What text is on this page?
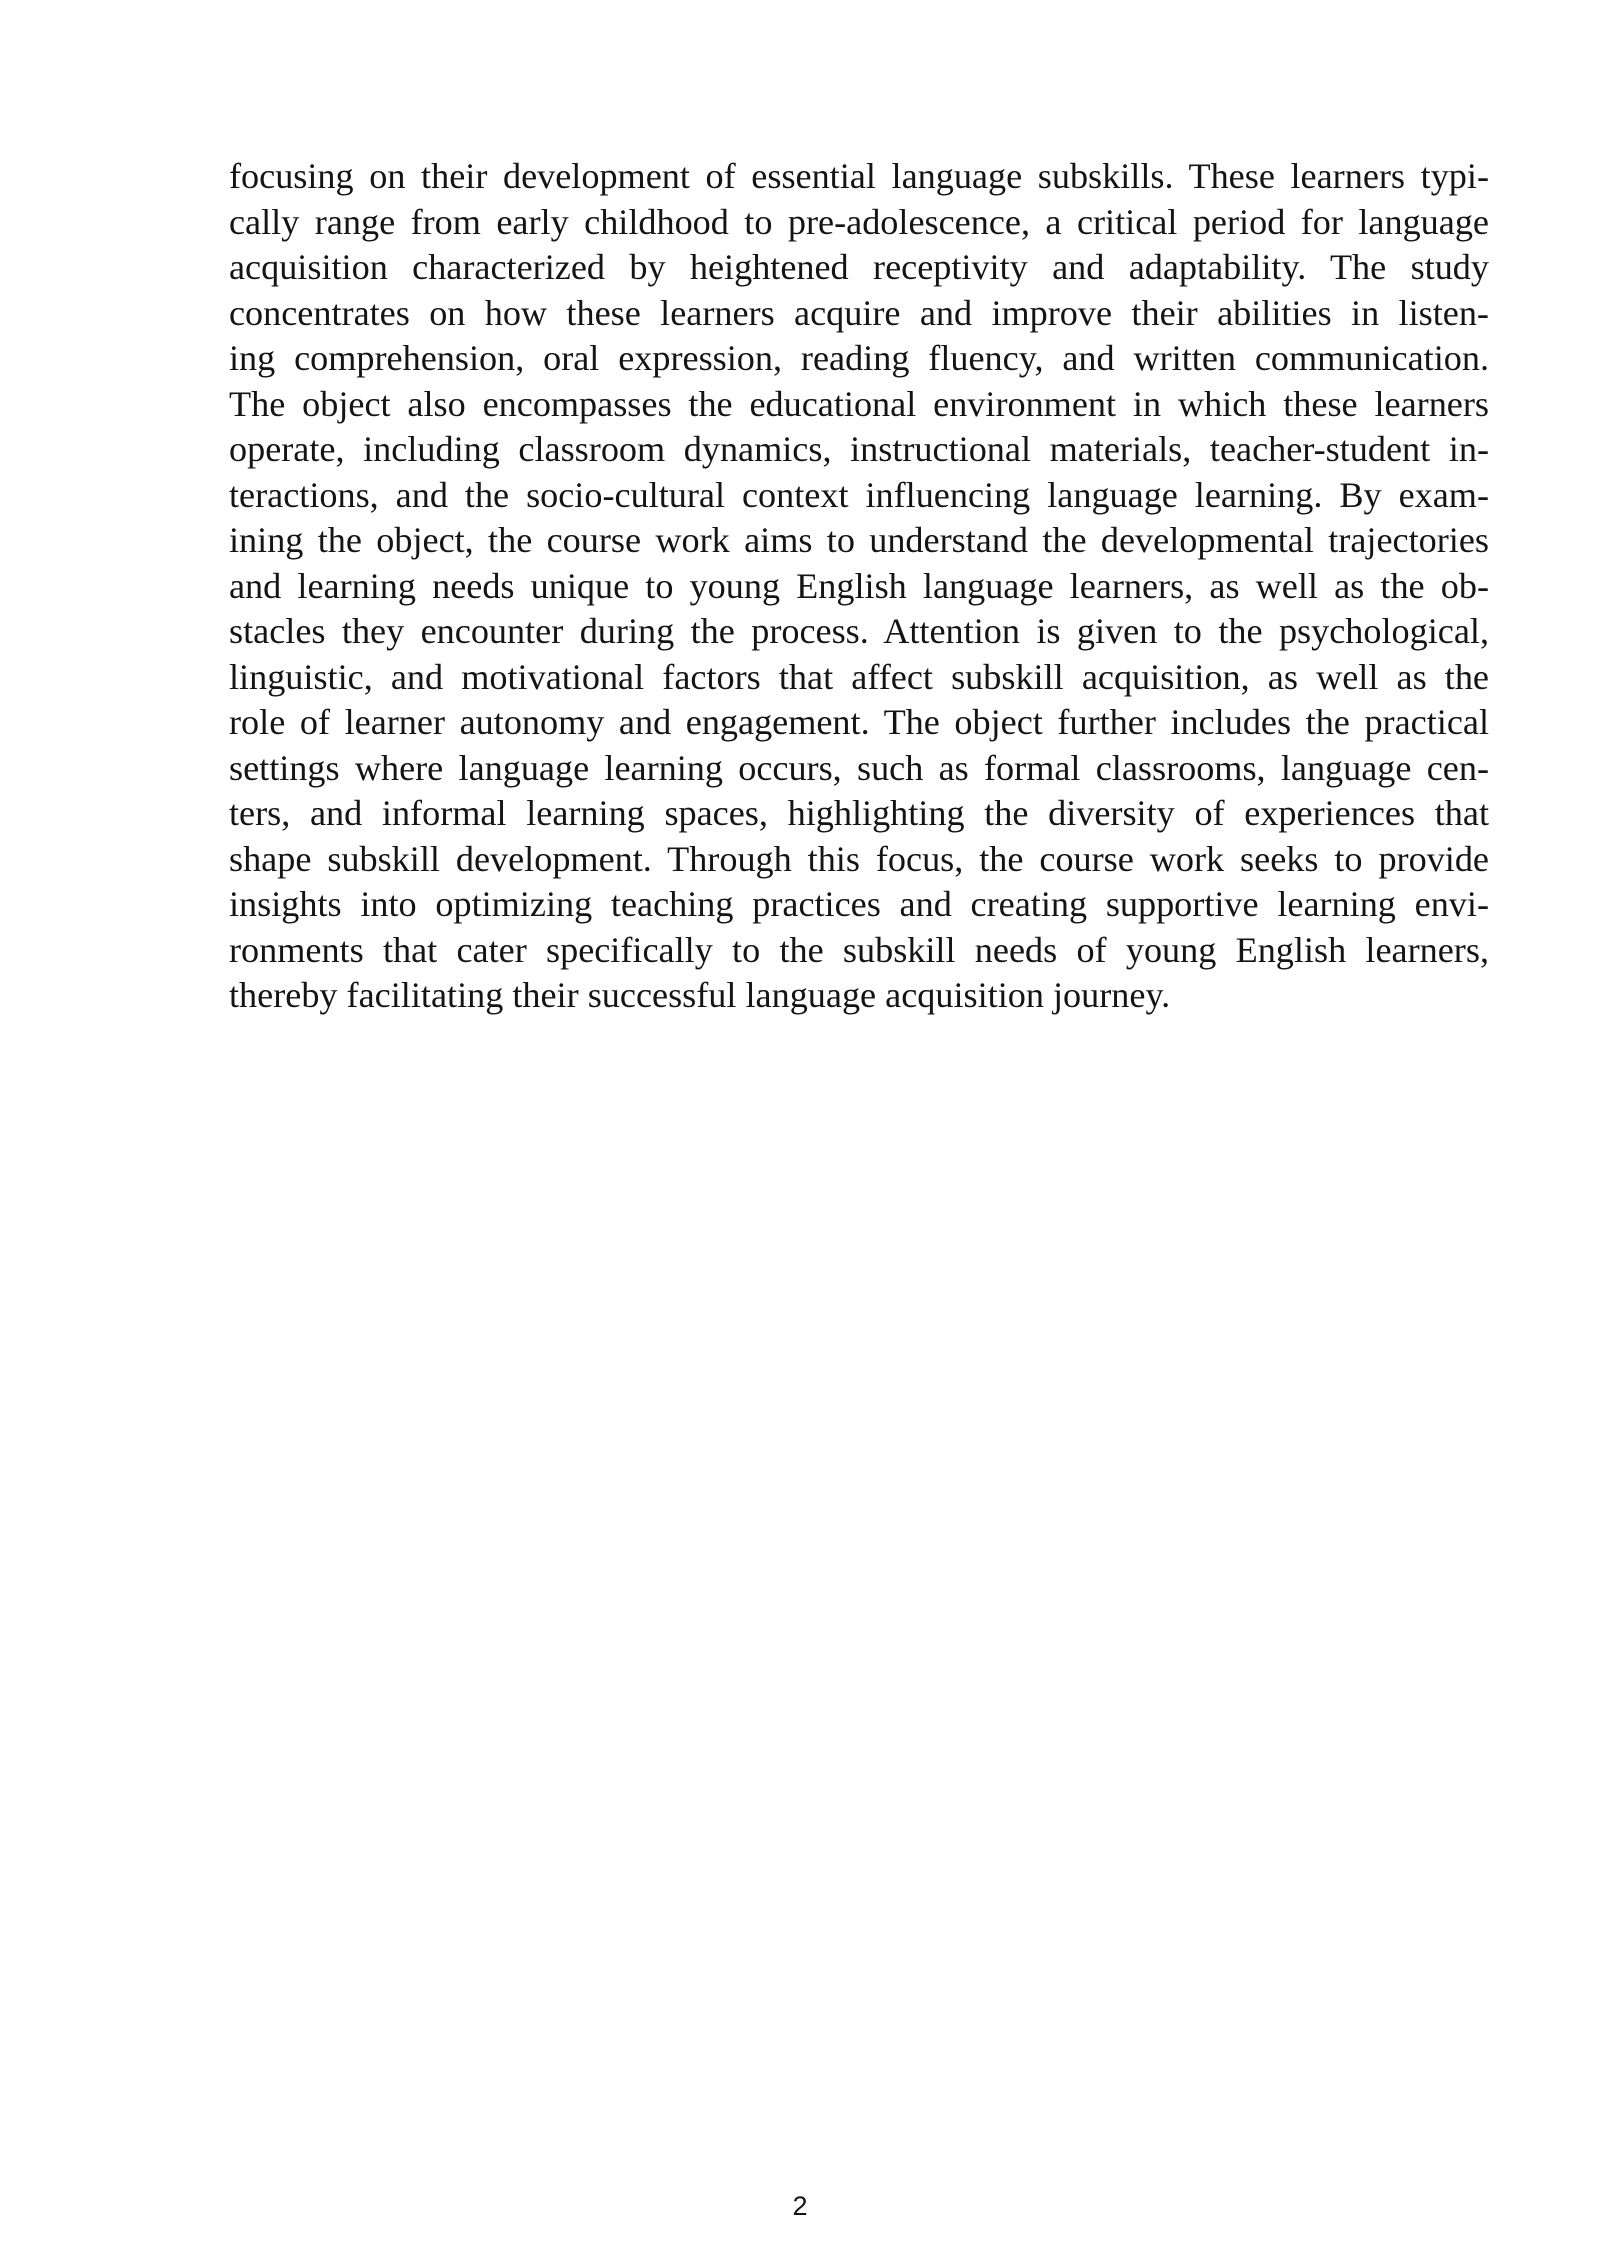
focusing on their development of essential language subskills. These learners typi-
cally range from early childhood to pre-adolescence, a critical period for language
acquisition characterized by heightened receptivity and adaptability. The study
concentrates on how these learners acquire and improve their abilities in listen-
ing comprehension, oral expression, reading fluency, and written communication.
The object also encompasses the educational environment in which these learners
operate, including classroom dynamics, instructional materials, teacher-student in-
teractions, and the socio-cultural context influencing language learning. By exam-
ining the object, the course work aims to understand the developmental trajectories
and learning needs unique to young English language learners, as well as the ob-
stacles they encounter during the process. Attention is given to the psychological,
linguistic, and motivational factors that affect subskill acquisition, as well as the
role of learner autonomy and engagement. The object further includes the practical
settings where language learning occurs, such as formal classrooms, language cen-
ters, and informal learning spaces, highlighting the diversity of experiences that
shape subskill development. Through this focus, the course work seeks to provide
insights into optimizing teaching practices and creating supportive learning envi-
ronments that cater specifically to the subskill needs of young English learners,
thereby facilitating their successful language acquisition journey.
2
